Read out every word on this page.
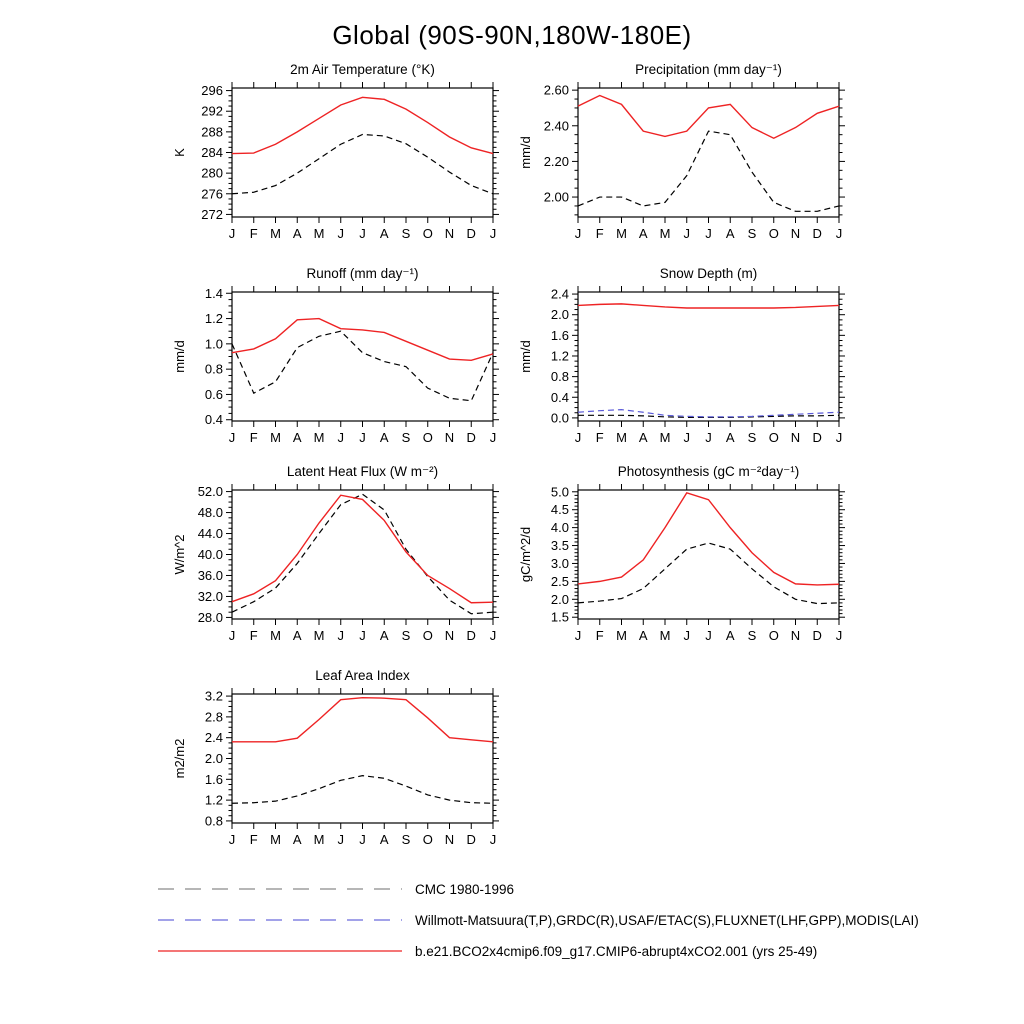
Global (90S-90N,180W-180E)
2m Air Temperature (°K)
J F M A M J J A S O N D J
272
276
280
284
288
292
296
K
Precipitation (mm day⁻¹)
J F M A M J J A S O N D J
2.00
2.20
2.40
2.60
mm/d
Runoff (mm day⁻¹)
J F M A M J J A S O N D J
0.4
0.6
0.8
1.0
1.2
1.4
mm/d
Snow Depth (m)
J F M A M J J A S O N D J
0.0
0.4
0.8
1.2
1.6
2.0
2.4
mm/d
Latent Heat Flux (W m⁻²)
J F M A M J J A S O N D J
28.0
32.0
36.0
40.0
44.0
48.0
52.0
W/m^2
Photosynthesis (gC m⁻²day⁻¹)
J F M A M J J A S O N D J
1.5
2.0
2.5
3.0
3.5
4.0
4.5
5.0
gC/m^2/d
Leaf Area Index
J F M A M J J A S O N D J
0.8
1.2
1.6
2.0
2.4
2.8
3.2
m2/m2
CMC 1980-1996
Willmott-Matsuura(T,P),GRDC(R),USAF/ETAC(S),FLUXNET(LHF,GPP),MODIS(LAI)
b.e21.BCO2x4cmip6.f09_g17.CMIP6-abrupt4xCO2.001 (yrs 25-49)
